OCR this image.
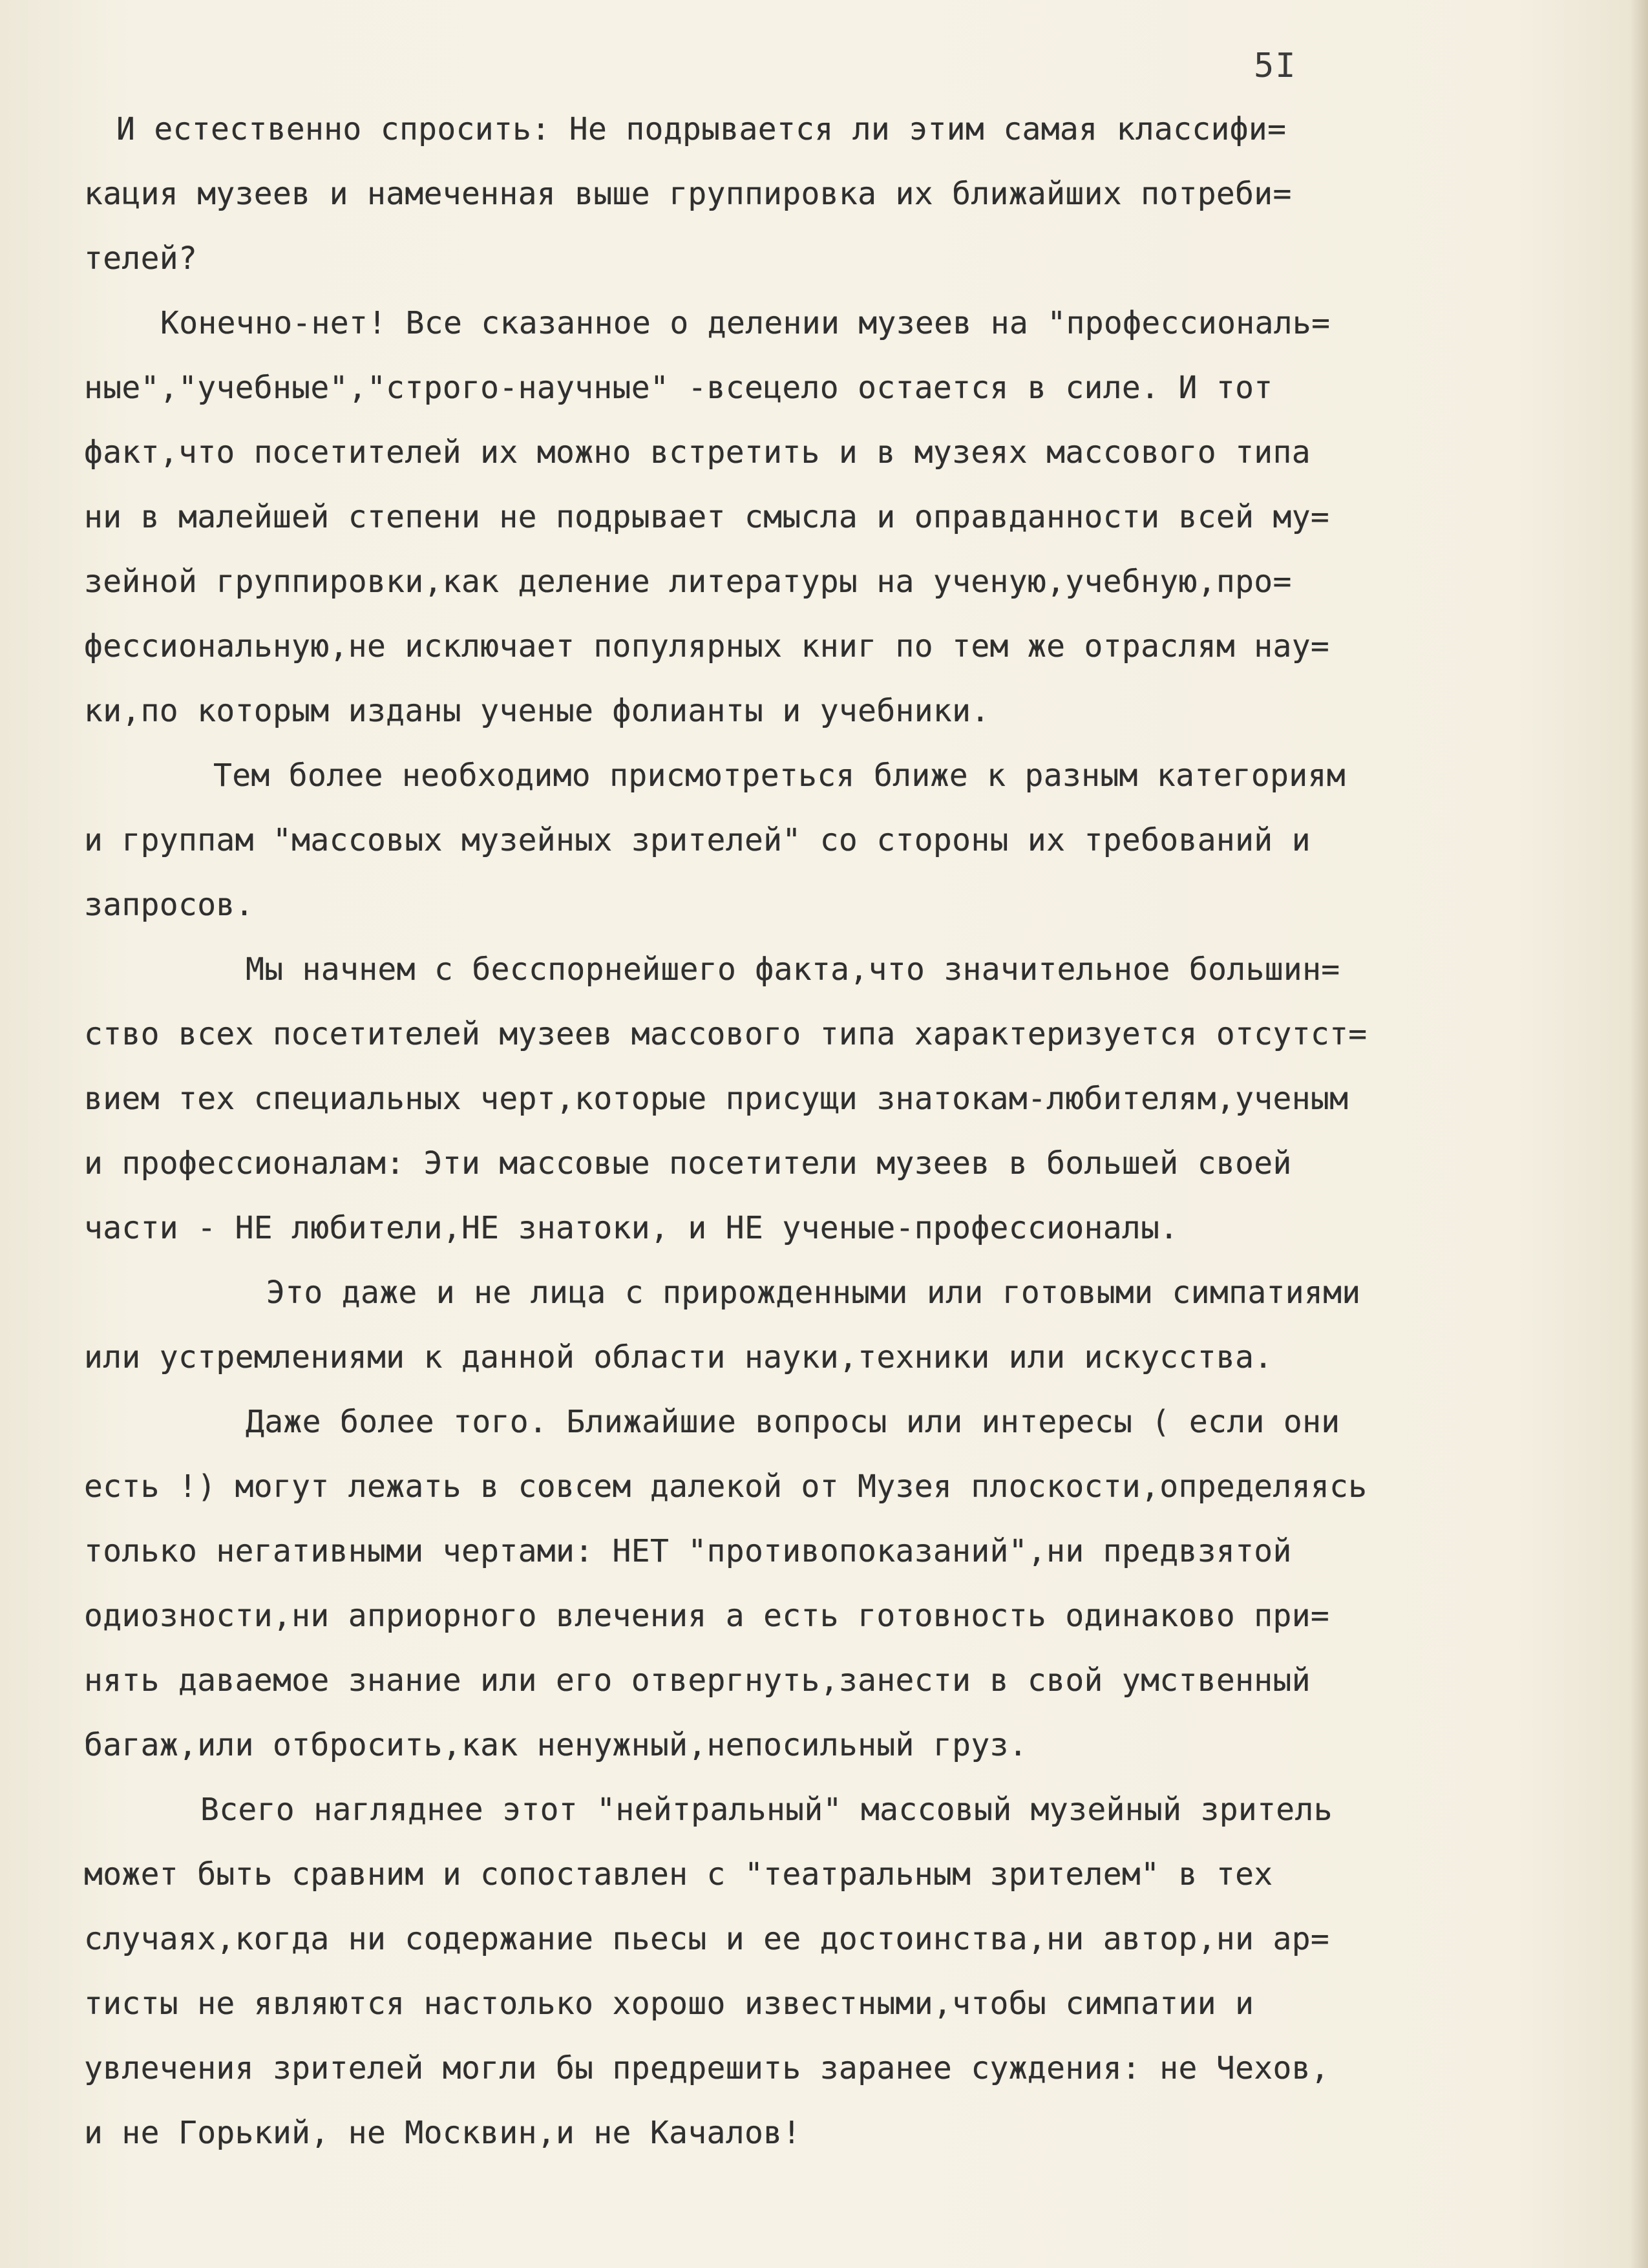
5I
И естественно спросить: Не подрывается ли этим самая классифи=
кация музеев и намеченная выше группировка их ближайших потреби=
телей?
Конечно-нет! Все сказанное о делении музеев на "профессиональ=
ные","учебные","строго-научные" -всецело остается в силе. И тот
факт,что посетителей их можно встретить и в музеях массового типа
ни в малейшей степени не подрывает смысла и оправданности всей му=
зейной группировки,как деление литературы на ученую,учебную,про=
фессиональную,не исключает популярных книг по тем же отраслям нау=
ки,по которым изданы ученые фолианты и учебники.
Тем более необходимо присмотреться ближе к разным категориям
и группам "массовых музейных зрителей" со стороны их требований и
запросов.
Мы начнем с бесспорнейшего факта,что значительное большин=
ство всех посетителей музеев массового типа характеризуется отсутст=
вием тех специальных черт,которые присущи знатокам-любителям,ученым
и профессионалам: Эти массовые посетители музеев в большей своей
части - НЕ любители,НЕ знатоки, и НЕ ученые-профессионалы.
Это даже и не лица с прирожденными или готовыми симпатиями
или устремлениями к данной области науки,техники или искусства.
Даже более того. Ближайшие вопросы или интересы ( если они
есть !) могут лежать в совсем далекой от Музея плоскости,определяясь
только негативными чертами: НЕТ "противопоказаний",ни предвзятой
одиозности,ни априорного влечения а есть готовность одинаково при=
нять даваемое знание или его отвергнуть,занести в свой умственный
багаж,или отбросить,как ненужный,непосильный груз.
Всего нагляднее этот "нейтральный" массовый музейный зритель
может быть сравним и сопоставлен с "театральным зрителем" в тех
случаях,когда ни содержание пьесы и ее достоинства,ни автор,ни ар=
тисты не являются настолько хорошо известными,чтобы симпатии и
увлечения зрителей могли бы предрешить заранее суждения: не Чехов,
и не Горький, не Москвин,и не Качалов!
